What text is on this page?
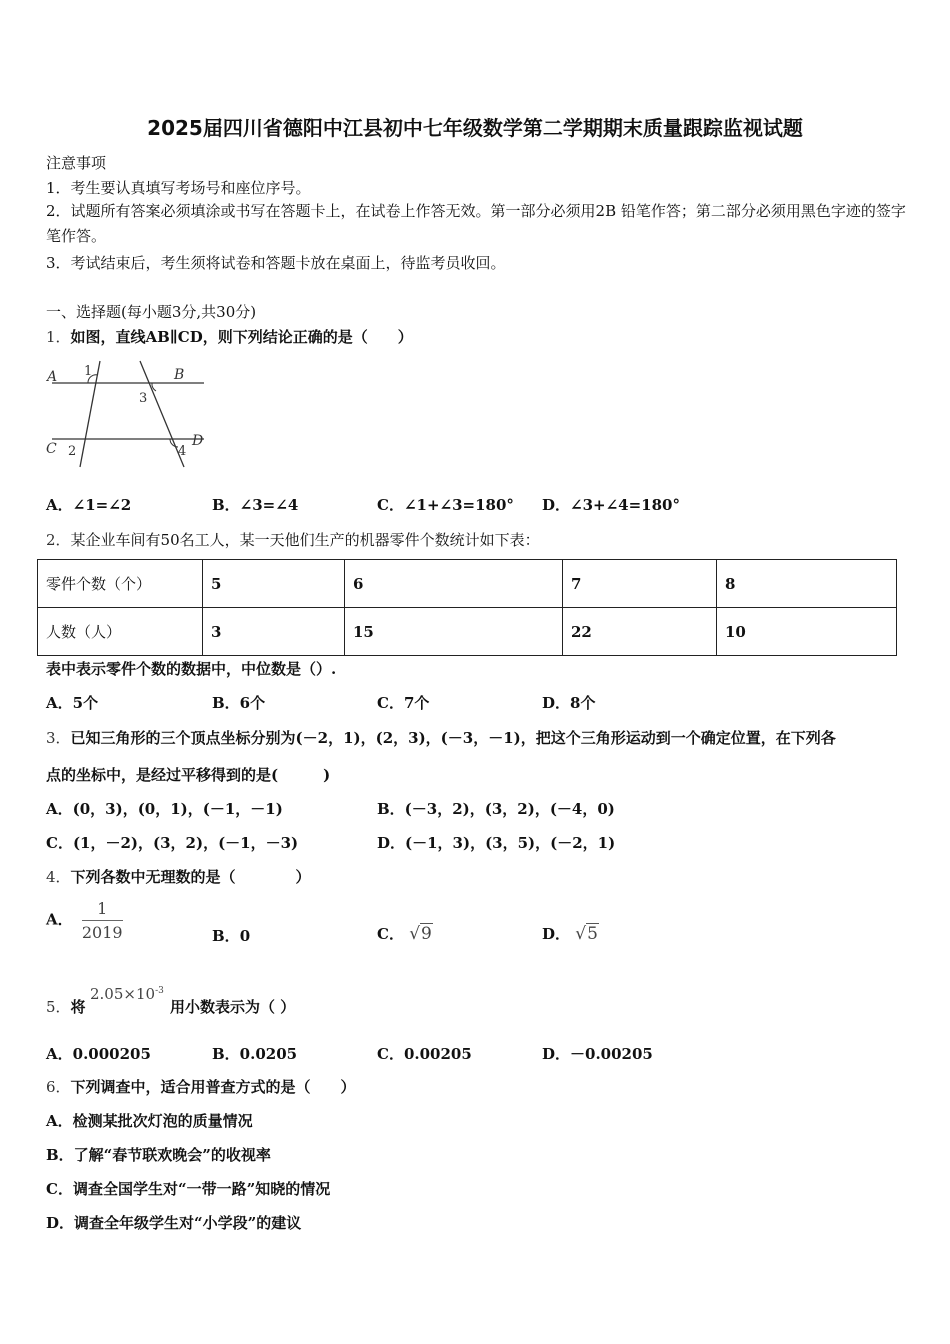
2025届四川省德阳中江县初中七年级数学第二学期期末质量跟踪监视试题
注意事项
1．考生要认真填写考场号和座位序号。
2．试题所有答案必须填涂或书写在答题卡上，在试卷上作答无效。第一部分必须用2B 铅笔作答；第二部分必须用黑色字迹的签字笔作答。
3．考试结束后，考生须将试卷和答题卡放在桌面上，待监考员收回。
一、选择题(每小题3分,共30分)
1．如图，直线AB∥CD，则下列结论正确的是（　　）
A 1	B
3
C 2
D
4
A．∠1=∠2	B．∠3=∠4	C．∠1+∠3=180° D．∠3+∠4=180°
2．某企业车间有50名工人，某一天他们生产的机器零件个数统计如下表：
零件个数（个）	5	6	7	8
人数（人）	3	15	22	10
表中表示零件个数的数据中，中位数是（）.
A．5个	B．6个	C．7个	D．8个
3．已知三角形的三个顶点坐标分别为(－2，1)，(2，3)，(－3，－1)，把这个三角形运动到一个确定位置，在下列各
点的坐标中，是经过平移得到的是(　　　)
A．(0，3)，(0，1)，(－1，－1)	B．(－3，2)，(3，2)，(－4，0)
C．(1，－2)，(3，2)，(－1，－3)	D．(－1，3)，(3，5)，(－2，1)
4．下列各数中无理数的是（　　　　）
A． $\frac{1}{2019}$	B．0	C． √9	D． √5
5．将
$2.05\times 10^{-3}$
用小数表示为（ ）
A．0.000205	B．0.0205	C．0.00205	D．－0.00205
6．下列调查中，适合用普查方式的是（　　）
A．检测某批次灯泡的质量情况
B．了解“春节联欢晚会”的收视率
C．调查全国学生对“一带一路”知晓的情况
D．调查全年级学生对“小学段”的建议
